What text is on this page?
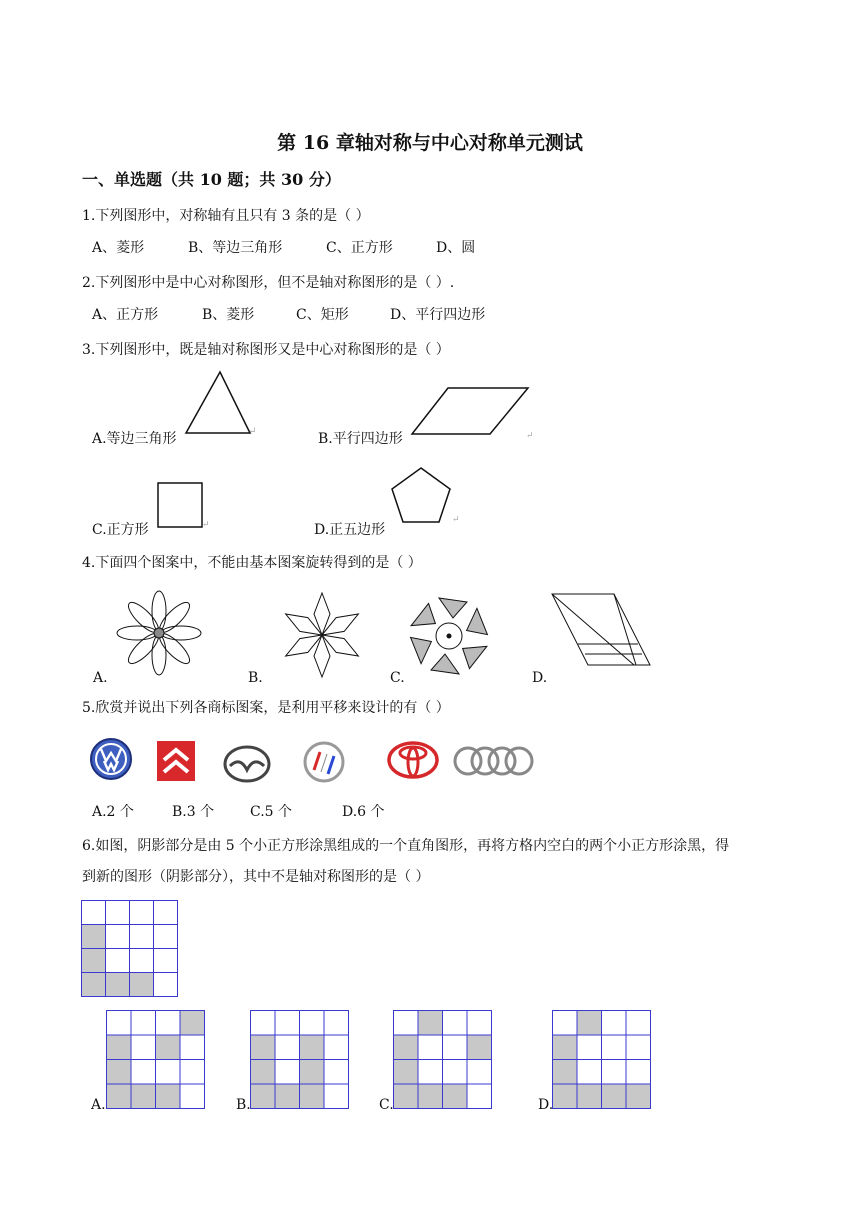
第 16 章轴对称与中心对称单元测试
一、单选题（共 10 题；共 30 分）
1.下列图形中，对称轴有且只有 3 条的是（ ）
A、菱形	B、等边三角形	C、正方形	D、圆
2.下列图形中是中心对称图形，但不是轴对称图形的是（ ）.
A、正方形	B、菱形	C、矩形	D、平行四边形
3.下列图形中，既是轴对称图形又是中心对称图形的是（ ）
A.等边三角形	↵	B.平行四边形	↵
C.正方形	↵	D.正五边形
↵
4.下面四个图案中，不能由基本图案旋转得到的是（ ）
A.	B.	C.	D.
5.欣赏并说出下列各商标图案，是利用平移来设计的有（ ）
A.2 个	B.3 个	C.5 个	D.6 个
6.如图，阴影部分是由 5 个小正方形涂黑组成的一个直角图形，再将方格内空白的两个小正方形涂黑，得
到新的图形（阴影部分），其中不是轴对称图形的是（ ）
A.	B.	C.	D.
